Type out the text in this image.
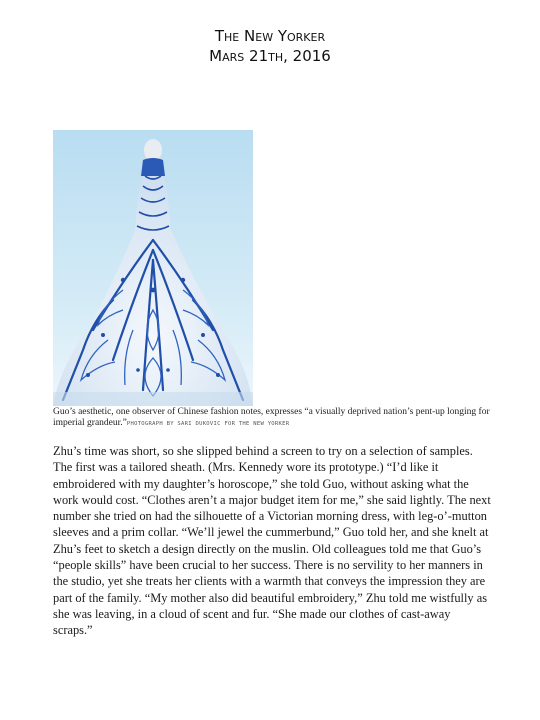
The New Yorker
Mars 21th, 2016
Guo’s aesthetic, one observer of Chinese fashion notes, expresses “a visually deprived nation’s pent-up longing for imperial grandeur.”PHOTOGRAPH BY SARI DUKOVIC FOR THE NEW YORKER

Zhu’s time was short, so she slipped behind a screen to try on a selection of samples. The first was a tailored sheath. (Mrs. Kennedy wore its prototype.) “I’d like it embroidered with my daughter’s horoscope,” she told Guo, without asking what the work would cost. “Clothes aren’t a major budget item for me,” she said lightly. The next number she tried on had the silhouette of a Victorian morning dress, with leg-o’-mutton sleeves and a prim collar. “We’ll jewel the cummerbund,” Guo told her, and she knelt at Zhu’s feet to sketch a design directly on the muslin. Old colleagues told me that Guo’s “people skills” have been crucial to her success. There is no servility to her manners in the studio, yet she treats her clients with a warmth that conveys the impression they are part of the family. “My mother also did beautiful embroidery,” Zhu told me wistfully as she was leaving, in a cloud of scent and fur. “She made our clothes of cast-away scraps.”
